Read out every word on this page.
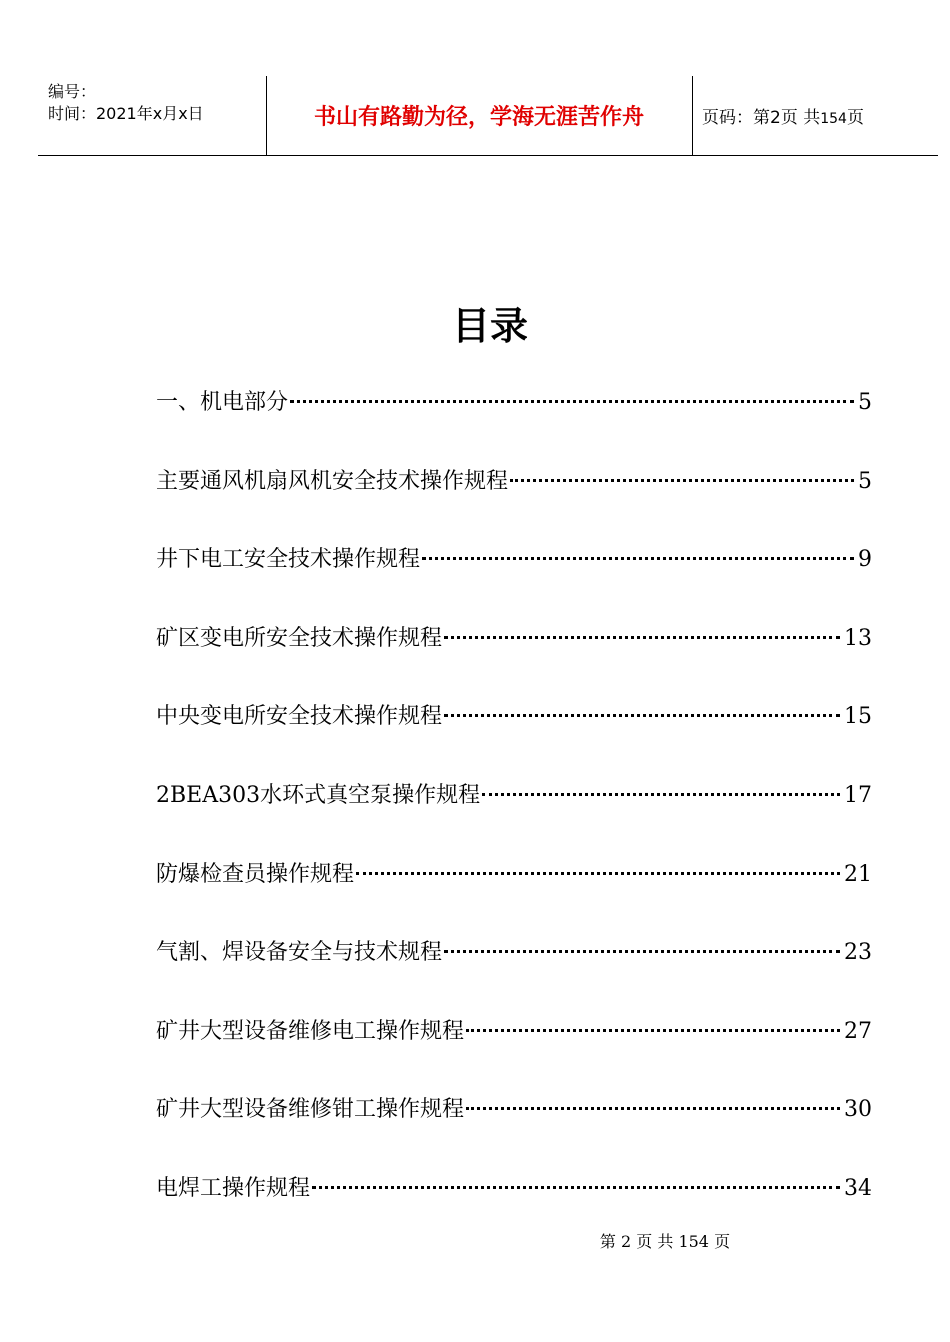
编号：
时间：2021年x月x日	书山有路勤为径，学海无涯苦作舟	页码：第2页 共154页
目录
一、机电部分	5
主要通风机扇风机安全技术操作规程	5
井下电工安全技术操作规程	9
矿区变电所安全技术操作规程	13
中央变电所安全技术操作规程	15
2BEA303水环式真空泵操作规程	17
防爆检查员操作规程	21
气割、焊设备安全与技术规程	23
矿井大型设备维修电工操作规程	27
矿井大型设备维修钳工操作规程	30
电焊工操作规程	34
第 2 页 共 154 页
